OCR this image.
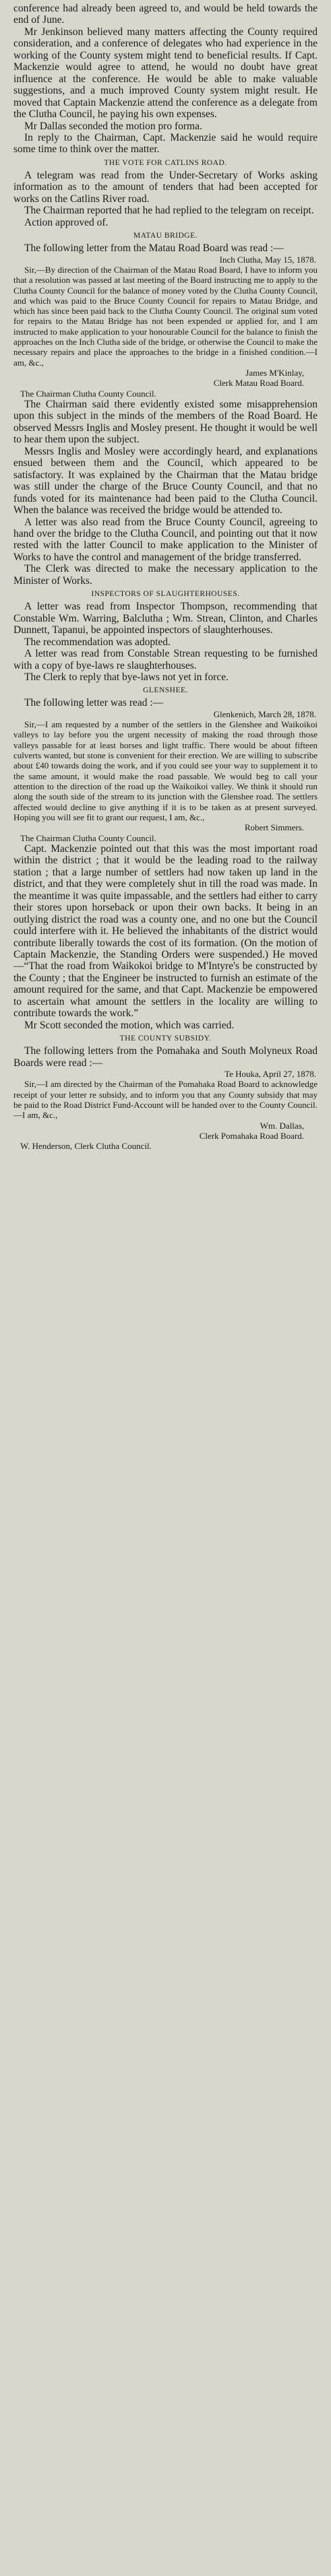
conference had already been agreed to, and would be held towards the end of June.

Mr Jenkinson believed many matters affecting the County required consideration, and a conference of delegates who had experience in the working of the County system might tend to beneficial results. If Capt. Mackenzie would agree to attend, he would no doubt have great influence at the conference. He would be able to make valuable suggestions, and a much improved County system might result. He moved that Captain Mackenzie attend the conference as a delegate from the Clutha Council, he paying his own expenses.

Mr Dallas seconded the motion pro forma.

In reply to the Chairman, Capt. Mackenzie said he would require some time to think over the matter.

THE VOTE FOR CATLINS ROAD.

A telegram was read from the Under-Secretary of Works asking information as to the amount of tenders that had been accepted for works on the Catlins River road.

The Chairman reported that he had replied to the telegram on receipt.

Action approved of.

MATAU BRIDGE.

The following letter from the Matau Road Board was read :—

Inch Clutha, May 15, 1878.

Sir,—By direction of the Chairman of the Matau Road Board, I have to inform you that a resolution was passed at last meeting of the Board instructing me to apply to the Clutha County Council for the balance of money voted by the Clutha County Council, and which was paid to the Bruce County Council for repairs to Matau Bridge, and which has since been paid back to the Clutha County Council. The original sum voted for repairs to the Matau Bridge has not been expended or applied for, and I am instructed to make application to your honourable Council for the balance to finish the approaches on the Inch Clutha side of the bridge, or otherwise the Council to make the necessary repairs and place the approaches to the bridge in a finished condition.—I am, &c.,

James M'Kinlay,

Clerk Matau Road Board.

The Chairman Clutha County Council.

The Chairman said there evidently existed some misapprehension upon this subject in the minds of the members of the Road Board. He observed Messrs Inglis and Mosley present. He thought it would be well to hear them upon the subject.

Messrs Inglis and Mosley were accordingly heard, and explanations ensued between them and the Council, which appeared to be satisfactory. It was explained by the Chairman that the Matau bridge was still under the charge of the Bruce County Council, and that no funds voted for its maintenance had been paid to the Clutha Council. When the balance was received the bridge would be attended to.

A letter was also read from the Bruce County Council, agreeing to hand over the bridge to the Clutha Council, and pointing out that it now rested with the latter Council to make application to the Minister of Works to have the control and management of the bridge transferred.

The Clerk was directed to make the necessary application to the Minister of Works.

INSPECTORS OF SLAUGHTERHOUSES.

A letter was read from Inspector Thompson, recommending that Constable Wm. Warring, Balclutha ; Wm. Strean, Clinton, and Charles Dunnett, Tapanui, be appointed inspectors of slaughterhouses.

The recommendation was adopted.

A letter was read from Constable Strean requesting to be furnished with a copy of bye-laws re slaughterhouses.

The Clerk to reply that bye-laws not yet in force.

GLENSHEE.

The following letter was read :—

Glenkenich, March 28, 1878.

Sir,—I am requested by a number of the settlers in the Glenshee and Waikoikoi valleys to lay before you the urgent necessity of making the road through those valleys passable for at least horses and light traffic. There would be about fifteen culverts wanted, but stone is convenient for their erection. We are willing to subscribe about £40 towards doing the work, and if you could see your way to supplement it to the same amount, it would make the road passable. We would beg to call your attention to the direction of the road up the Waikoikoi valley. We think it should run along the south side of the stream to its junction with the Glenshee road. The settlers affected would decline to give anything if it is to be taken as at present surveyed. Hoping you will see fit to grant our request, I am, &c.,

Robert Simmers.

The Chairman Clutha County Council.

Capt. Mackenzie pointed out that this was the most important road within the district ; that it would be the leading road to the railway station ; that a large number of settlers had now taken up land in the district, and that they were completely shut in till the road was made. In the meantime it was quite impassable, and the settlers had either to carry their stores upon horseback or upon their own backs. It being in an outlying district the road was a county one, and no one but the Council could interfere with it. He believed the inhabitants of the district would contribute liberally towards the cost of its formation. (On the motion of Captain Mackenzie, the Standing Orders were suspended.) He moved—“That the road from Waikokoi bridge to M'Intyre's be constructed by the County ; that the Engineer be instructed to furnish an estimate of the amount required for the same, and that Capt. Mackenzie be empowered to ascertain what amount the settlers in the locality are willing to contribute towards the work.”

Mr Scott seconded the motion, which was carried.

THE COUNTY SUBSIDY.

The following letters from the Pomahaka and South Molyneux Road Boards were read :—

Te Houka, April 27, 1878.

Sir,—I am directed by the Chairman of the Pomahaka Road Board to acknowledge receipt of your letter re subsidy, and to inform you that any County subsidy that may be paid to the Road District Fund-Account will be handed over to the County Council.—I am, &c.,

Wm. Dallas,

Clerk Pomahaka Road Board.

W. Henderson, Clerk Clutha Council.
